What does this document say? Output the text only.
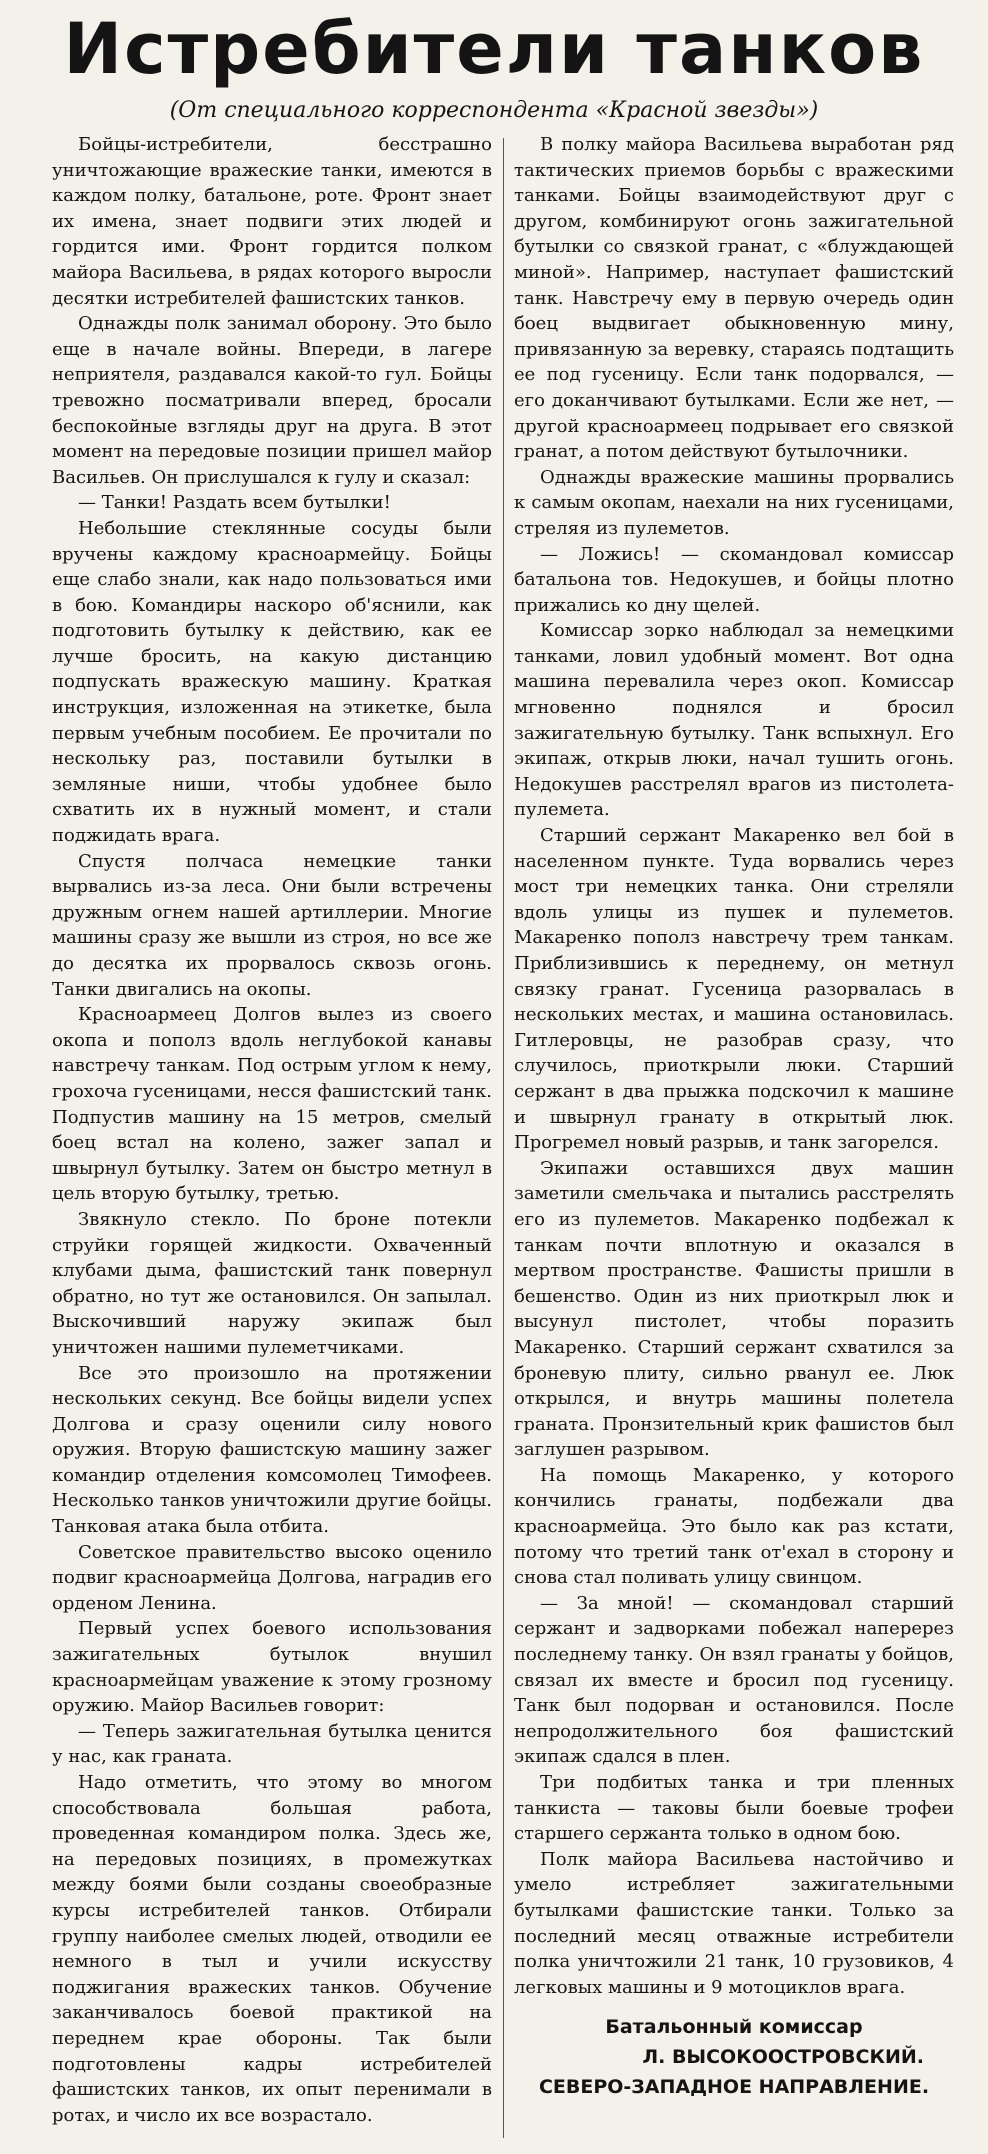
Истребители танков
(От специального корреспондента «Красной звезды»)

Бойцы-истребители, бесстрашно уничтожающие вражеские танки, имеются в каждом полку, батальоне, роте. Фронт знает их имена, знает подвиги этих людей и гордится ими. Фронт гордится полком майора Васильева, в рядах которого выросли десятки истребителей фашистских танков.

Однажды полк занимал оборону. Это было еще в начале войны. Впереди, в лагере неприятеля, раздавался какой-то гул. Бойцы тревожно посматривали вперед, бросали беспокойные взгляды друг на друга. В этот момент на передовые позиции пришел майор Васильев. Он прислушался к гулу и сказал:

— Танки! Раздать всем бутылки!

Небольшие стеклянные сосуды были вручены каждому красноармейцу. Бойцы еще слабо знали, как надо пользоваться ими в бою. Командиры наскоро об'яснили, как подготовить бутылку к действию, как ее лучше бросить, на какую дистанцию подпускать вражескую машину. Краткая инструкция, изложенная на этикетке, была первым учебным пособием. Ее прочитали по нескольку раз, поставили бутылки в земляные ниши, чтобы удобнее было схватить их в нужный момент, и стали поджидать врага.

Спустя полчаса немецкие танки вырвались из-за леса. Они были встречены дружным огнем нашей артиллерии. Многие машины сразу же вышли из строя, но все же до десятка их прорвалось сквозь огонь. Танки двигались на окопы.

Красноармеец Долгов вылез из своего окопа и пополз вдоль неглубокой канавы навстречу танкам. Под острым углом к нему, грохоча гусеницами, несся фашистский танк. Подпустив машину на 15 метров, смелый боец встал на колено, зажег запал и швырнул бутылку. Затем он быстро метнул в цель вторую бутылку, третью.

Звякнуло стекло. По броне потекли струйки горящей жидкости. Охваченный клубами дыма, фашистский танк повернул обратно, но тут же остановился. Он запылал. Выскочивший наружу экипаж был уничтожен нашими пулеметчиками.

Все это произошло на протяжении нескольких секунд. Все бойцы видели успех Долгова и сразу оценили силу нового оружия. Вторую фашистскую машину зажег командир отделения комсомолец Тимофеев. Несколько танков уничтожили другие бойцы. Танковая атака была отбита.

Советское правительство высоко оценило подвиг красноармейца Долгова, наградив его орденом Ленина.

Первый успех боевого использования зажигательных бутылок внушил красноармейцам уважение к этому грозному оружию. Майор Васильев говорит:

— Теперь зажигательная бутылка ценится у нас, как граната.

Надо отметить, что этому во многом способствовала большая работа, проведенная командиром полка. Здесь же, на передовых позициях, в промежутках между боями были созданы своеобразные курсы истребителей танков. Отбирали группу наиболее смелых людей, отводили ее немного в тыл и учили искусству поджигания вражеских танков. Обучение заканчивалось боевой практикой на переднем крае обороны. Так были подготовлены кадры истребителей фашистских танков, их опыт перенимали в ротах, и число их все возрастало.

В полку майора Васильева выработан ряд тактических приемов борьбы с вражескими танками. Бойцы взаимодействуют друг с другом, комбинируют огонь зажигательной бутылки со связкой гранат, с «блуждающей миной». Например, наступает фашистский танк. Навстречу ему в первую очередь один боец выдвигает обыкновенную мину, привязанную за веревку, стараясь подтащить ее под гусеницу. Если танк подорвался, — его доканчивают бутылками. Если же нет, — другой красноармеец подрывает его связкой гранат, а потом действуют бутылочники.

Однажды вражеские машины прорвались к самым окопам, наехали на них гусеницами, стреляя из пулеметов.

— Ложись! — скомандовал комиссар батальона тов. Недокушев, и бойцы плотно прижались ко дну щелей.

Комиссар зорко наблюдал за немецкими танками, ловил удобный момент. Вот одна машина перевалила через окоп. Комиссар мгновенно поднялся и бросил зажигательную бутылку. Танк вспыхнул. Его экипаж, открыв люки, начал тушить огонь. Недокушев расстрелял врагов из пистолета-пулемета.

Старший сержант Макаренко вел бой в населенном пункте. Туда ворвались через мост три немецких танка. Они стреляли вдоль улицы из пушек и пулеметов. Макаренко пополз навстречу трем танкам. Приблизившись к переднему, он метнул связку гранат. Гусеница разорвалась в нескольких местах, и машина остановилась. Гитлеровцы, не разобрав сразу, что случилось, приоткрыли люки. Старший сержант в два прыжка подскочил к машине и швырнул гранату в открытый люк. Прогремел новый разрыв, и танк загорелся.

Экипажи оставшихся двух машин заметили смельчака и пытались расстрелять его из пулеметов. Макаренко подбежал к танкам почти вплотную и оказался в мертвом пространстве. Фашисты пришли в бешенство. Один из них приоткрыл люк и высунул пистолет, чтобы поразить Макаренко. Старший сержант схватился за броневую плиту, сильно рванул ее. Люк открылся, и внутрь машины полетела граната. Пронзительный крик фашистов был заглушен разрывом.

На помощь Макаренко, у которого кончились гранаты, подбежали два красноармейца. Это было как раз кстати, потому что третий танк от'ехал в сторону и снова стал поливать улицу свинцом.

— За мной! — скомандовал старший сержант и задворками побежал наперерез последнему танку. Он взял гранаты у бойцов, связал их вместе и бросил под гусеницу. Танк был подорван и остановился. После непродолжительного боя фашистский экипаж сдался в плен.

Три подбитых танка и три пленных танкиста — таковы были боевые трофеи старшего сержанта только в одном бою.

Полк майора Васильева настойчиво и умело истребляет зажигательными бутылками фашистские танки. Только за последний месяц отважные истребители полка уничтожили 21 танк, 10 грузовиков, 4 легковых машины и 9 мотоциклов врага.

Батальонный комиссар
Л. ВЫСОКООСТРОВСКИЙ.
СЕВЕРО-ЗАПАДНОЕ НАПРАВЛЕНИЕ.
